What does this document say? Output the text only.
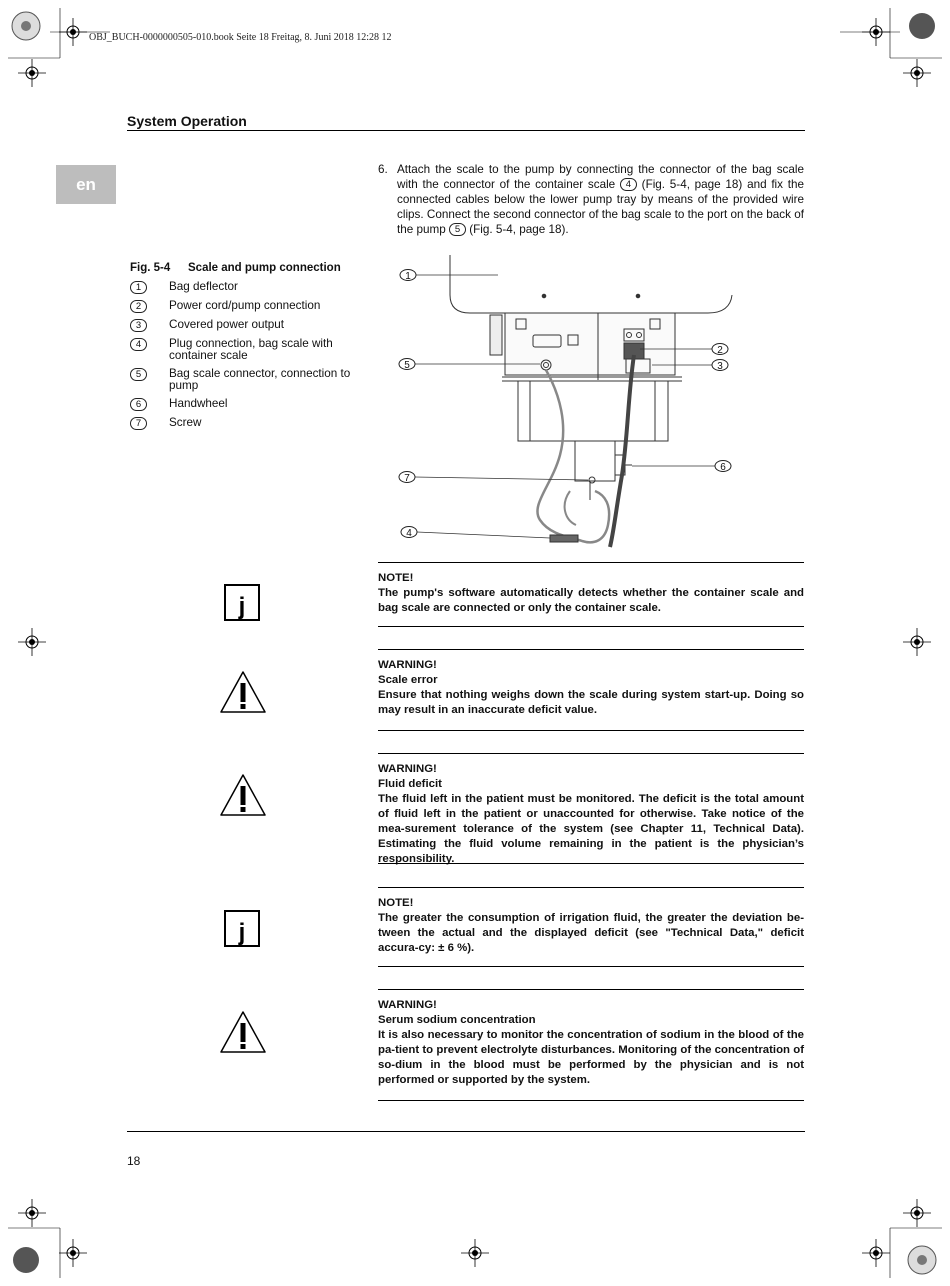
OBJ_BUCH-0000000505-010.book Seite 18 Freitag, 8. Juni 2018 12:28 12
System Operation
en
6. Attach the scale to the pump by connecting the connector of the bag scale with the connector of the container scale 4 (Fig. 5-4, page 18) and fix the connected cables below the lower pump tray by means of the provided wire clips. Connect the second connector of the bag scale to the port on the back of the pump 5 (Fig. 5-4, page 18).
Fig. 5-4	Scale and pump connection
1	Bag deflector
2	Power cord/pump connection
3	Covered power output
4	Plug connection, bag scale with container scale
5	Bag scale connector, connection to pump
6	Handwheel
7	Screw
1
2
3
4
5
6
7
j
NOTE!
The pump's software automatically detects whether the container scale and bag scale are connected or only the container scale.
WARNING!
Scale error
Ensure that nothing weighs down the scale during system start-up. Doing so may result in an inaccurate deficit value.
WARNING!
Fluid deficit
The fluid left in the patient must be monitored. The deficit is the total amount of fluid left in the patient or unaccounted for otherwise. Take notice of the mea-surement tolerance of the system (see Chapter 11, Technical Data). Estimating the fluid volume remaining in the patient is the physician’s responsibility.
j
NOTE!
The greater the consumption of irrigation fluid, the greater the deviation be-tween the actual and the displayed deficit (see "Technical Data," deficit accura-cy: ± 6 %).
WARNING!
Serum sodium concentration
It is also necessary to monitor the concentration of sodium in the blood of the pa-tient to prevent electrolyte disturbances. Monitoring of the concentration of so-dium in the blood must be performed by the physician and is not performed or supported by the system.
18
